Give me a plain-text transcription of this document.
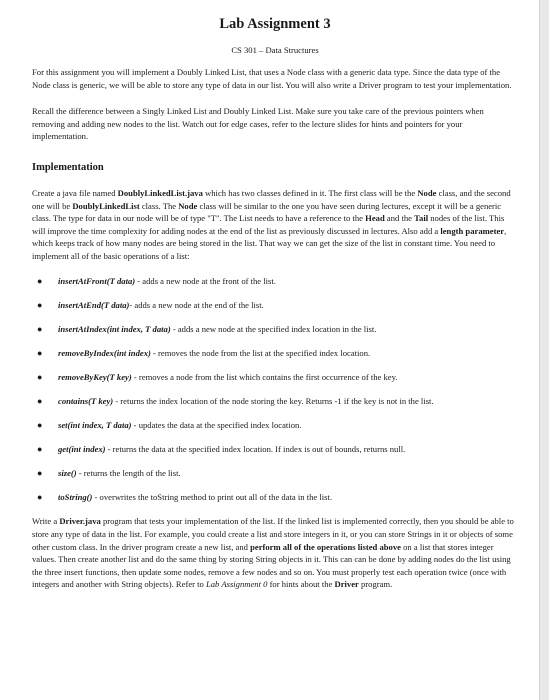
Lab Assignment 3
CS 301 – Data Structures

For this assignment you will implement a Doubly Linked List, that uses a Node class with a generic data type. Since the data type of the Node class is generic, we will be able to store any type of data in our list. You will also write a Driver program to test your implementation.

Recall the difference between a Singly Linked List and Doubly Linked List. Make sure you take care of the previous pointers when removing and adding new nodes to the list. Watch out for edge cases, refer to the lecture slides for hints and pointers for your implementation.

Implementation

Create a java file named DoublyLinkedList.java which has two classes defined in it. The first class will be the Node class, and the second one will be DoublyLinkedList class. The Node class will be similar to the one you have seen during lectures, except it will be a generic class. The type for data in our node will be of type "T". The List needs to have a reference to the Head and the Tail nodes of the list. This will improve the time complexity for adding nodes at the end of the list as previously discussed in lectures. Also add a length parameter, which keeps track of how many nodes are being stored in the list. That way we can get the size of the list in constant time. You need to implement all of the basic operations of a list:

● insertAtFront(T data) - adds a new node at the front of the list.
● insertAtEnd(T data)- adds a new node at the end of the list.
● insertAtIndex(int index, T data) - adds a new node at the specified index location in the list.
● removeByIndex(int index) - removes the node from the list at the specified index location.
● removeByKey(T key) - removes a node from the list which contains the first occurrence of the key.
● contains(T key) - returns the index location of the node storing the key. Returns -1 if the key is not in the list.
● set(int index, T data) - updates the data at the specified index location.
● get(int index) - returns the data at the specified index location. If index is out of bounds, returns null.
● size() - returns the length of the list.
● toString() - overwrites the toString method to print out all of the data in the list.

Write a Driver.java program that tests your implementation of the list. If the linked list is implemented correctly, then you should be able to store any type of data in the list. For example, you could create a list and store integers in it, or you can store Strings in it or objects of some other custom class. In the driver program create a new list, and perform all of the operations listed above on a list that stores integer values. Then create another list and do the same thing by storing String objects in it. This can can be done by adding nodes do the list using the three insert functions, then update some nodes, remove a few nodes and so on. You must properly test each operation twice (once with integers and another with String objects). Refer to Lab Assignment 0 for hints about the Driver program.
